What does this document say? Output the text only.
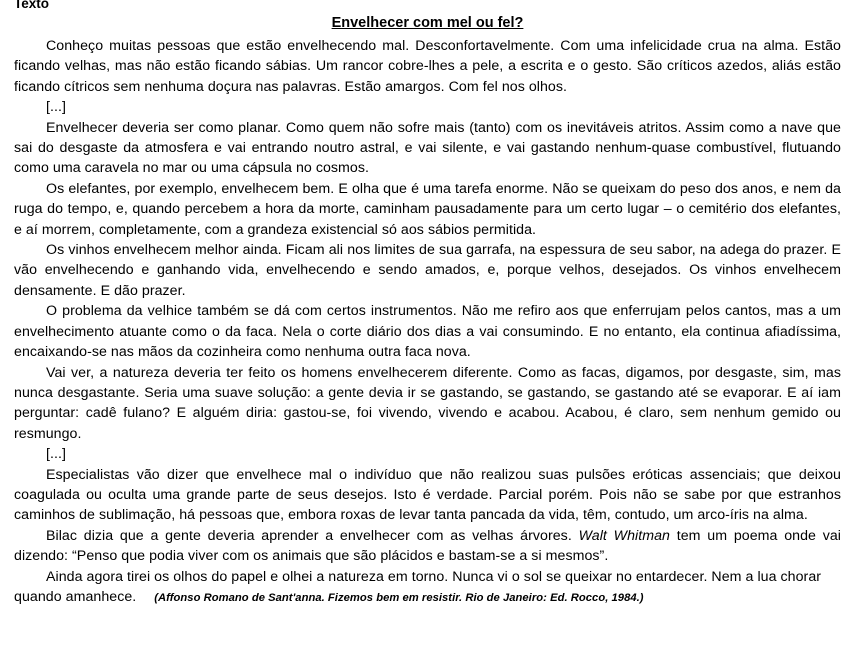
Texto
Envelhecer com mel ou fel?

Conheço muitas pessoas que estão envelhecendo mal. Desconfortavelmente. Com uma infelicidade crua na alma. Estão ficando velhas, mas não estão ficando sábias. Um rancor cobre-lhes a pele, a escrita e o gesto. São críticos azedos, aliás estão ficando cítricos sem nenhuma doçura nas palavras. Estão amargos. Com fel nos olhos.

[...]

Envelhecer deveria ser como planar. Como quem não sofre mais (tanto) com os inevitáveis atritos. Assim como a nave que sai do desgaste da atmosfera e vai entrando noutro astral, e vai silente, e vai gastando nenhum-quase combustível, flutuando como uma caravela no mar ou uma cápsula no cosmos.

Os elefantes, por exemplo, envelhecem bem. E olha que é uma tarefa enorme. Não se queixam do peso dos anos, e nem da ruga do tempo, e, quando percebem a hora da morte, caminham pausadamente para um certo lugar – o cemitério dos elefantes, e aí morrem, completamente, com a grandeza existencial só aos sábios permitida.

Os vinhos envelhecem melhor ainda. Ficam ali nos limites de sua garrafa, na espessura de seu sabor, na adega do prazer. E vão envelhecendo e ganhando vida, envelhecendo e sendo amados, e, porque velhos, desejados. Os vinhos envelhecem densamente. E dão prazer.

O problema da velhice também se dá com certos instrumentos. Não me refiro aos que enferrujam pelos cantos, mas a um envelhecimento atuante como o da faca. Nela o corte diário dos dias a vai consumindo. E no entanto, ela continua afiadíssima, encaixando-se nas mãos da cozinheira como nenhuma outra faca nova.

Vai ver, a natureza deveria ter feito os homens envelhecerem diferente. Como as facas, digamos, por desgaste, sim, mas nunca desgastante. Seria uma suave solução: a gente devia ir se gastando, se gastando, se gastando até se evaporar. E aí iam perguntar: cadê fulano? E alguém diria: gastou-se, foi vivendo, vivendo e acabou. Acabou, é claro, sem nenhum gemido ou resmungo.

[...]

Especialistas vão dizer que envelhece mal o indivíduo que não realizou suas pulsões eróticas assenciais; que deixou coagulada ou oculta uma grande parte de seus desejos. Isto é verdade. Parcial porém. Pois não se sabe por que estranhos caminhos de sublimação, há pessoas que, embora roxas de levar tanta pancada da vida, têm, contudo, um arco-íris na alma.

Bilac dizia que a gente deveria aprender a envelhecer com as velhas árvores. Walt Whitman tem um poema onde vai dizendo: “Penso que podia viver com os animais que são plácidos e bastam-se a si mesmos”.

Ainda agora tirei os olhos do papel e olhei a natureza em torno. Nunca vi o sol se queixar no entardecer. Nem a lua chorar quando amanhece. (Affonso Romano de Sant'anna. Fizemos bem em resistir. Rio de Janeiro: Ed. Rocco, 1984.)
